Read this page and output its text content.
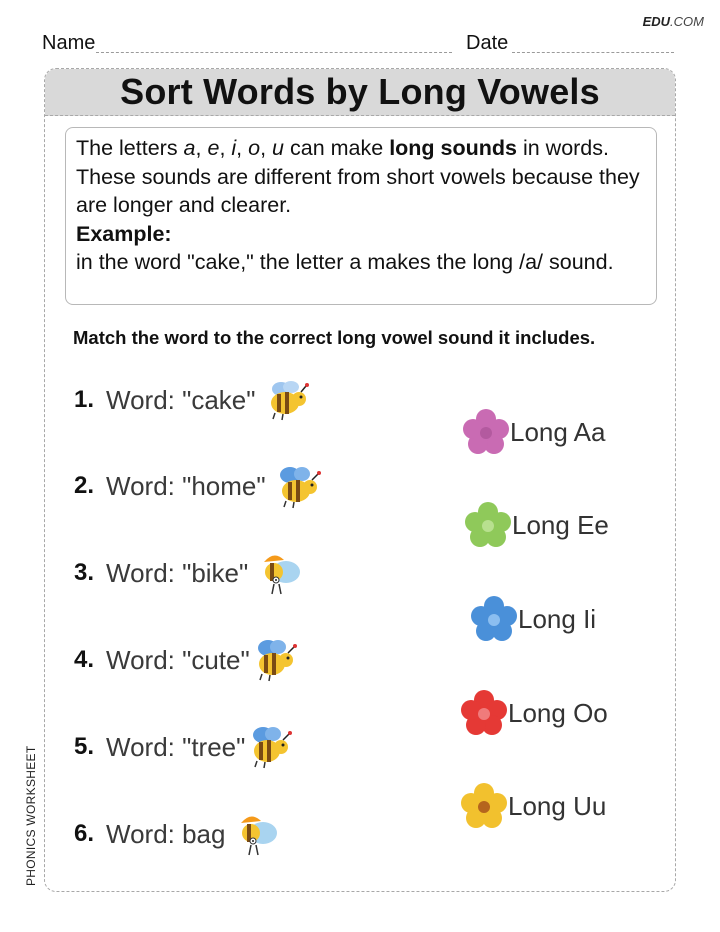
EDU.COM
Name	Date
Sort Words by Long Vowels

The letters a, e, i, o, u can make long sounds in words.

These sounds are different from short vowels because they are longer and clearer.

Example:

in the word "cake," the letter a makes the long /a/ sound.

Match the word to the correct long vowel sound it includes.
1. Word: "cake"
2. Word: "home"
3. Word: "bike"
4. Word: "cute"
5. Word: "tree"
6. Word: bag
Long Aa
Long Ee
Long Ii
Long Oo
Long Uu
PHONICS WORKSHEET
